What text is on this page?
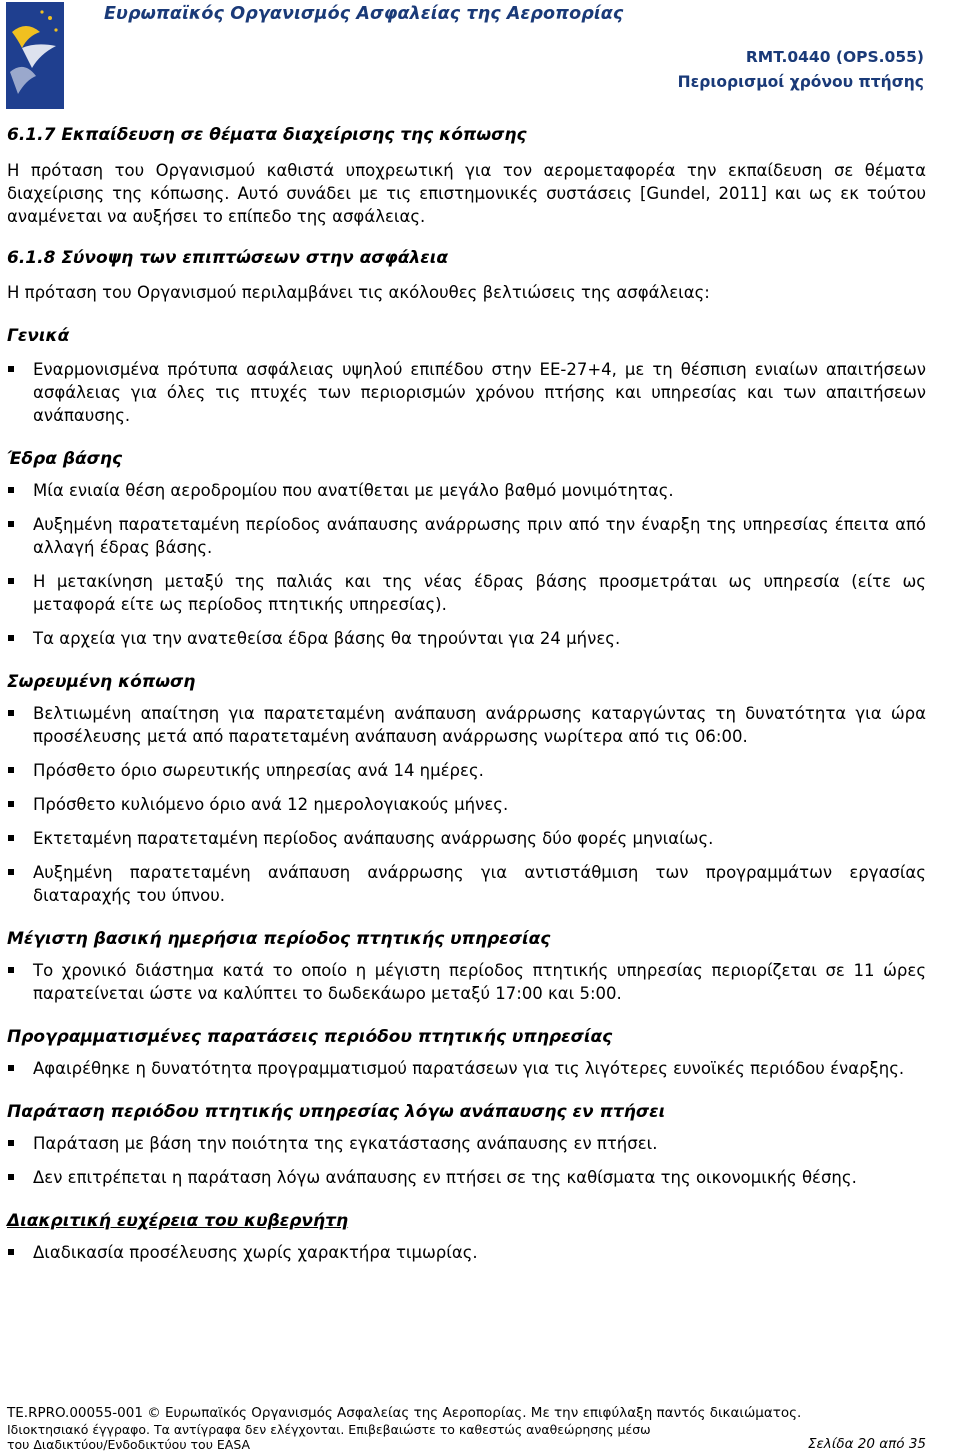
Ευρωπαϊκός Οργανισμός Ασφαλείας της Αεροπορίας
RMT.0440 (OPS.055)
Περιορισμοί χρόνου πτήσης
6.1.7 Εκπαίδευση σε θέματα διαχείρισης της κόπωσης

Η πρόταση του Οργανισμού καθιστά υποχρεωτική για τον αερομεταφορέα την εκπαίδευση σε θέματα διαχείρισης της κόπωσης. Αυτό συνάδει με τις επιστημονικές συστάσεις [Gundel, 2011] και ως εκ τούτου αναμένεται να αυξήσει το επίπεδο της ασφάλειας.

6.1.8 Σύνοψη των επιπτώσεων στην ασφάλεια

Η πρόταση του Οργανισμού περιλαμβάνει τις ακόλουθες βελτιώσεις της ασφάλειας:

Γενικά
Εναρμονισμένα πρότυπα ασφάλειας υψηλού επιπέδου στην ΕΕ-27+4, με τη θέσπιση ενιαίων απαιτήσεων ασφάλειας για όλες τις πτυχές των περιορισμών χρόνου πτήσης και υπηρεσίας και των απαιτήσεων ανάπαυσης.
Έδρα βάσης
Μία ενιαία θέση αεροδρομίου που ανατίθεται με μεγάλο βαθμό μονιμότητας.
Αυξημένη παρατεταμένη περίοδος ανάπαυσης ανάρρωσης πριν από την έναρξη της υπηρεσίας έπειτα από αλλαγή έδρας βάσης.
Η μετακίνηση μεταξύ της παλιάς και της νέας έδρας βάσης προσμετράται ως υπηρεσία (είτε ως μεταφορά είτε ως περίοδος πτητικής υπηρεσίας).
Τα αρχεία για την ανατεθείσα έδρα βάσης θα τηρούνται για 24 μήνες.
Σωρευμένη κόπωση
Βελτιωμένη απαίτηση για παρατεταμένη ανάπαυση ανάρρωσης καταργώντας τη δυνατότητα για ώρα προσέλευσης μετά από παρατεταμένη ανάπαυση ανάρρωσης νωρίτερα από τις 06:00.
Πρόσθετο όριο σωρευτικής υπηρεσίας ανά 14 ημέρες.
Πρόσθετο κυλιόμενο όριο ανά 12 ημερολογιακούς μήνες.
Εκτεταμένη παρατεταμένη περίοδος ανάπαυσης ανάρρωσης δύο φορές μηνιαίως.
Αυξημένη παρατεταμένη ανάπαυση ανάρρωσης για αντιστάθμιση των προγραμμάτων εργασίας διαταραχής του ύπνου.
Μέγιστη βασική ημερήσια περίοδος πτητικής υπηρεσίας
Το χρονικό διάστημα κατά το οποίο η μέγιστη περίοδος πτητικής υπηρεσίας περιορίζεται σε 11 ώρες παρατείνεται ώστε να καλύπτει το δωδεκάωρο μεταξύ 17:00 και 5:00.
Προγραμματισμένες παρατάσεις περιόδου πτητικής υπηρεσίας
Αφαιρέθηκε η δυνατότητα προγραμματισμού παρατάσεων για τις λιγότερες ευνοϊκές περιόδου έναρξης.
Παράταση περιόδου πτητικής υπηρεσίας λόγω ανάπαυσης εν πτήσει
Παράταση με βάση την ποιότητα της εγκατάστασης ανάπαυσης εν πτήσει.
Δεν επιτρέπεται η παράταση λόγω ανάπαυσης εν πτήσει σε της καθίσματα της οικονομικής θέσης.
Διακριτική ευχέρεια του κυβερνήτη
Διαδικασία προσέλευσης χωρίς χαρακτήρα τιμωρίας.
TE.RPRO.00055-001 © Ευρωπαϊκός Οργανισμός Ασφαλείας της Αεροπορίας. Με την επιφύλαξη παντός δικαιώματος.
Ιδιοκτησιακό έγγραφο. Τα αντίγραφα δεν ελέγχονται. Επιβεβαιώστε το καθεστώς αναθεώρησης μέσω
του Διαδικτύου/Ενδοδικτύου του EASA	Σελίδα 20 από 35
